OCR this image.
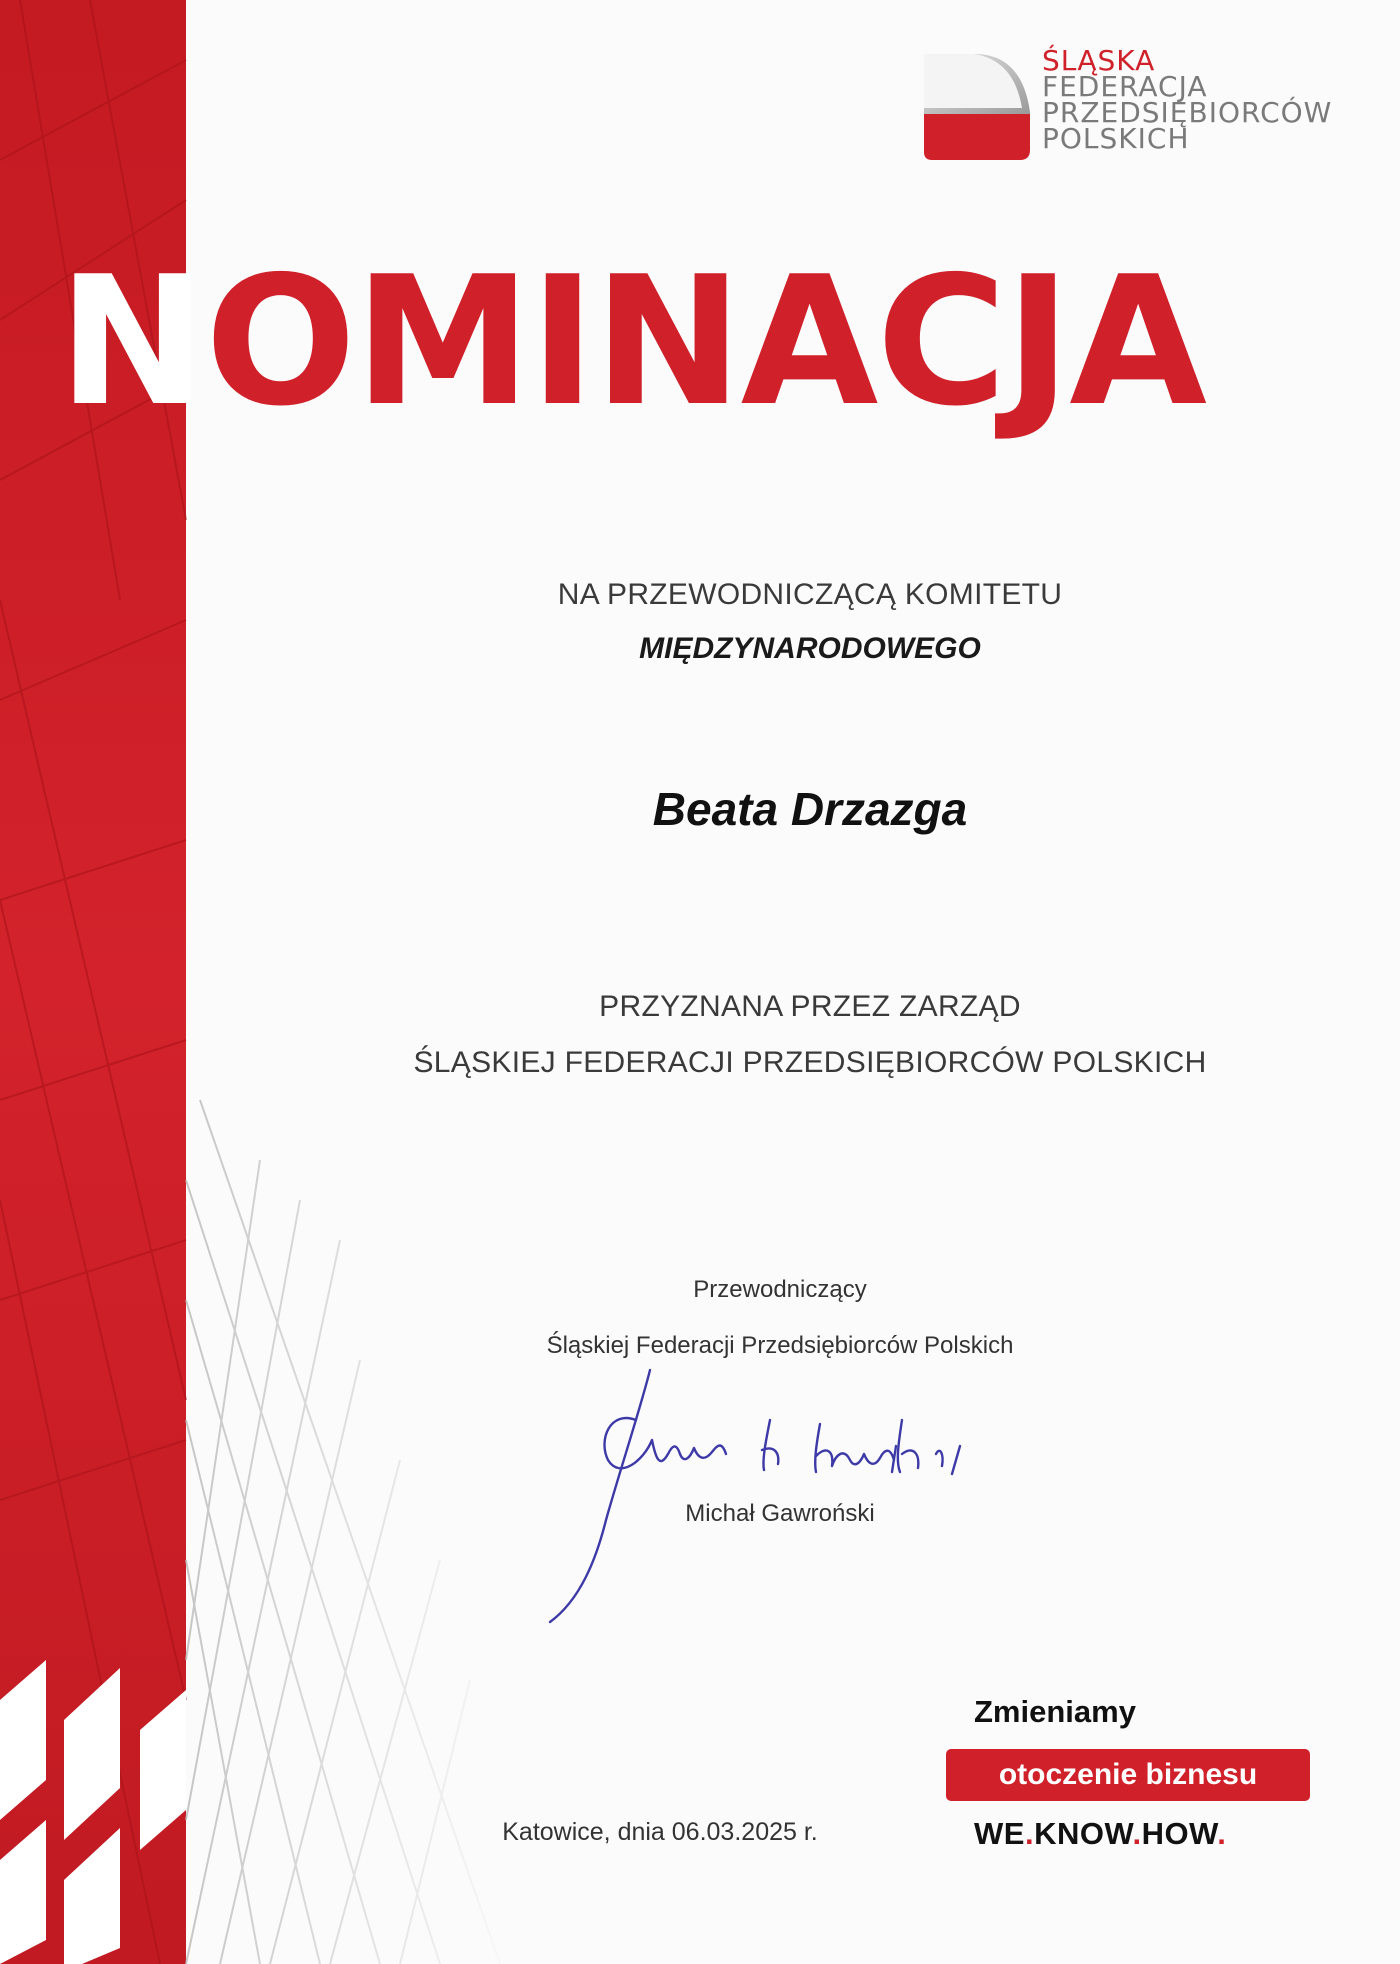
ŚLĄSKA
FEDERACJA
PRZEDSIĘBIORCÓW
POLSKICH
NOMINACJA
NA PRZEWODNICZĄCĄ KOMITETU
MIĘDZYNARODOWEGO
Beata Drzazga
PRZYZNANA PRZEZ ZARZĄD
ŚLĄSKIEJ FEDERACJI PRZEDSIĘBIORCÓW POLSKICH
Przewodniczący
Śląskiej Federacji Przedsiębiorców Polskich
Michał Gawroński
Katowice, dnia 06.03.2025 r.
Zmieniamy
otoczenie biznesu
WE.KNOW.HOW.
